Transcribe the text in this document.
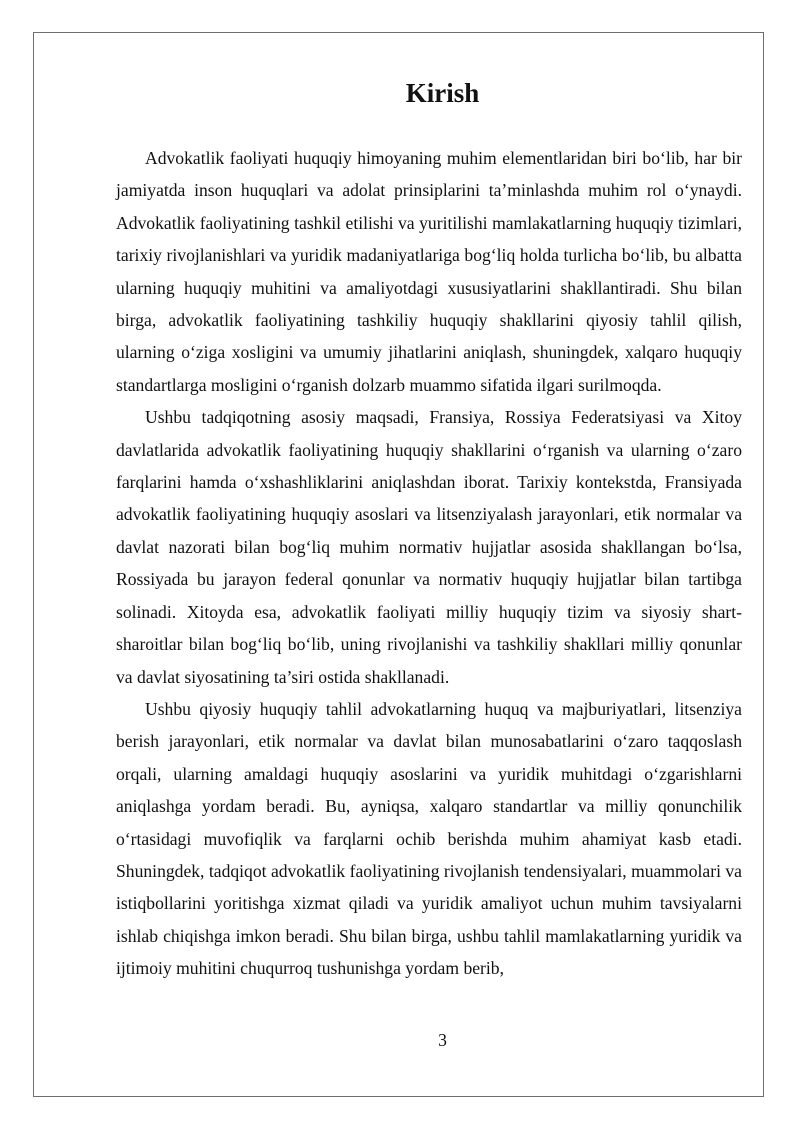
Kirish

Advokatlik faoliyati huquqiy himoyaning muhim elementlaridan biri bo‘lib, har bir jamiyatda inson huquqlari va adolat prinsiplarini ta’minlashda muhim rol o‘ynaydi. Advokatlik faoliyatining tashkil etilishi va yuritilishi mamlakatlarning huquqiy tizimlari, tarixiy rivojlanishlari va yuridik madaniyatlariga bog‘liq holda turlicha bo‘lib, bu albatta ularning huquqiy muhitini va amaliyotdagi xususiyatlarini shakllantiradi. Shu bilan birga, advokatlik faoliyatining tashkiliy huquqiy shakllarini qiyosiy tahlil qilish, ularning o‘ziga xosligini va umumiy jihatlarini aniqlash, shuningdek, xalqaro huquqiy standartlarga mosligini o‘rganish dolzarb muammo sifatida ilgari surilmoqda.

Ushbu tadqiqotning asosiy maqsadi, Fransiya, Rossiya Federatsiyasi va Xitoy davlatlarida advokatlik faoliyatining huquqiy shakllarini o‘rganish va ularning o‘zaro farqlarini hamda o‘xshashliklarini aniqlashdan iborat. Tarixiy kontekstda, Fransiyada advokatlik faoliyatining huquqiy asoslari va litsenziyalash jarayonlari, etik normalar va davlat nazorati bilan bog‘liq muhim normativ hujjatlar asosida shakllangan bo‘lsa, Rossiyada bu jarayon federal qonunlar va normativ huquqiy hujjatlar bilan tartibga solinadi. Xitoyda esa, advokatlik faoliyati milliy huquqiy tizim va siyosiy shart-sharoitlar bilan bog‘liq bo‘lib, uning rivojlanishi va tashkiliy shakllari milliy qonunlar va davlat siyosatining ta’siri ostida shakllanadi.

Ushbu qiyosiy huquqiy tahlil advokatlarning huquq va majburiyatlari, litsenziya berish jarayonlari, etik normalar va davlat bilan munosabatlarini o‘zaro taqqoslash orqali, ularning amaldagi huquqiy asoslarini va yuridik muhitdagi o‘zgarishlarni aniqlashga yordam beradi. Bu, ayniqsa, xalqaro standartlar va milliy qonunchilik o‘rtasidagi muvofiqlik va farqlarni ochib berishda muhim ahamiyat kasb etadi. Shuningdek, tadqiqot advokatlik faoliyatining rivojlanish tendensiyalari, muammolari va istiqbollarini yoritishga xizmat qiladi va yuridik amaliyot uchun muhim tavsiyalarni ishlab chiqishga imkon beradi. Shu bilan birga, ushbu tahlil mamlakatlarning yuridik va ijtimoiy muhitini chuqurroq tushunishga yordam berib,

3
